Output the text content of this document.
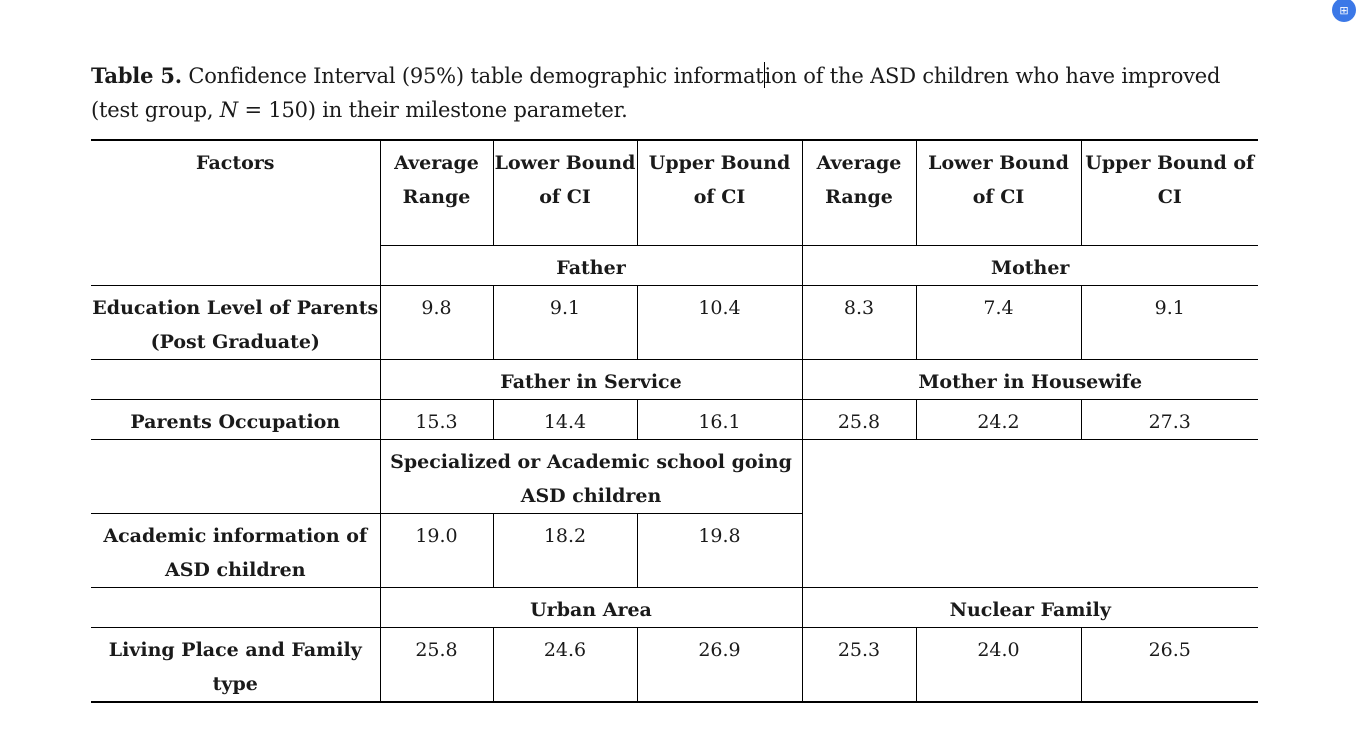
⊞
Table 5. Confidence Interval (95%) table demographic information of the ASD children who have improved (test group, N = 150) in their milestone parameter.
Factors	Average Range	Lower Bound of CI	Upper Bound of CI	Average Range	Lower Bound of CI	Upper Bound of CI
	Father			Mother		
Education Level of Parents (Post Graduate)	9.8	9.1	10.4	8.3	7.4	9.1
	Father in Service			Mother in Housewife		
Parents Occupation	15.3	14.4	16.1	25.8	24.2	27.3
	Specialized or Academic school going ASD children					
Academic information of ASD children	19.0	18.2	19.8			
	Urban Area			Nuclear Family		
Living Place and Family type	25.8	24.6	26.9	25.3	24.0	26.5
